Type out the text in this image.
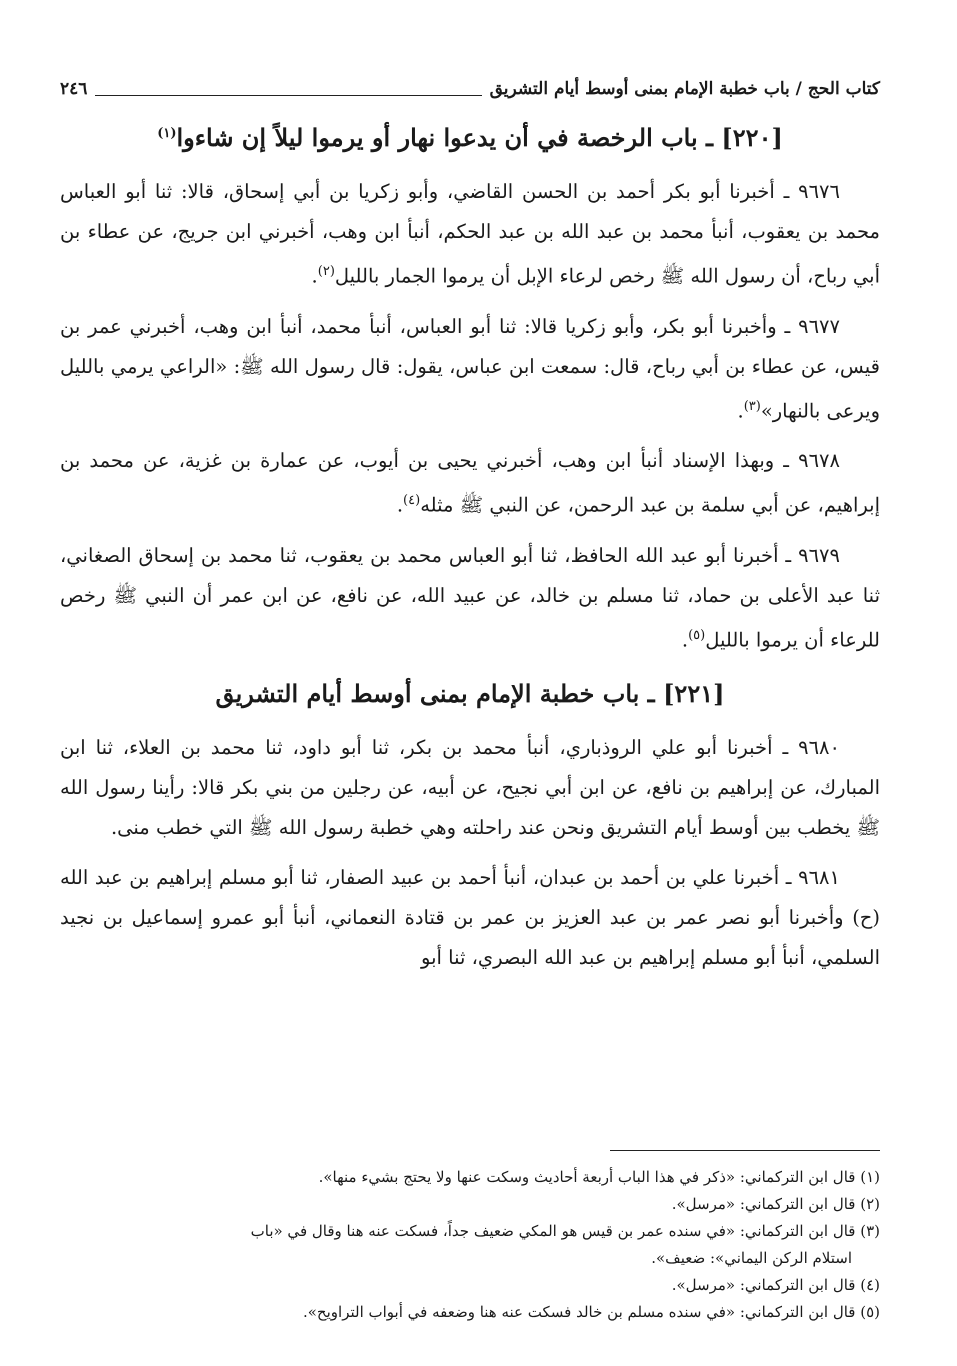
كتاب الحج / باب خطبة الإمام بمنى أوسط أيام التشريق
٢٤٦
[٢٢٠] ـ باب الرخصة في أن يدعوا نهار أو يرموا ليلاً إن شاءوا$^{(١)}$

٩٦٧٦ ـ أخبرنا أبو بكر أحمد بن الحسن القاضي، وأبو زكريا بن أبي إسحاق، قالا: ثنا أبو العباس محمد بن يعقوب، أنبأ محمد بن عبد الله بن عبد الحكم، أنبأ ابن وهب، أخبرني ابن جريج، عن عطاء بن أبي رباح، أن رسول الله ﷺ رخص لرعاء الإبل أن يرموا الجمار بالليل$^{(٢)}$.

٩٦٧٧ ـ وأخبرنا أبو بكر، وأبو زكريا قالا: ثنا أبو العباس، أنبأ محمد، أنبأ ابن وهب، أخبرني عمر بن قيس، عن عطاء بن أبي رباح، قال: سمعت ابن عباس، يقول: قال رسول الله ﷺ: «الراعي يرمي بالليل ويرعى بالنهار»$^{(٣)}$.

٩٦٧٨ ـ وبهذا الإسناد أنبأ ابن وهب، أخبرني يحيى بن أيوب، عن عمارة بن غزية، عن محمد بن إبراهيم، عن أبي سلمة بن عبد الرحمن، عن النبي ﷺ مثله$^{(٤)}$.

٩٦٧٩ ـ أخبرنا أبو عبد الله الحافظ، ثنا أبو العباس محمد بن يعقوب، ثنا محمد بن إسحاق الصغاني، ثنا عبد الأعلى بن حماد، ثنا مسلم بن خالد، عن عبيد الله، عن نافع، عن ابن عمر أن النبي ﷺ رخص للرعاء أن يرموا بالليل$^{(٥)}$.

[٢٢١] ـ باب خطبة الإمام بمنى أوسط أيام التشريق

٩٦٨٠ ـ أخبرنا أبو علي الروذباري، أنبأ محمد بن بكر، ثنا أبو داود، ثنا محمد بن العلاء، ثنا ابن المبارك، عن إبراهيم بن نافع، عن ابن أبي نجيح، عن أبيه، عن رجلين من بني بكر قالا: رأينا رسول الله ﷺ يخطب بين أوسط أيام التشريق ونحن عند راحلته وهي خطبة رسول الله ﷺ التي خطب منى.

٩٦٨١ ـ أخبرنا علي بن أحمد بن عبدان، أنبأ أحمد بن عبيد الصفار، ثنا أبو مسلم إبراهيم بن عبد الله (ح) وأخبرنا أبو نصر عمر بن عبد العزيز بن عمر بن قتادة النعماني، أنبأ أبو عمرو إسماعيل بن نجيد السلمي، أنبأ أبو مسلم إبراهيم بن عبد الله البصري، ثنا أبو

(١) قال ابن التركماني: «ذكر في هذا الباب أربعة أحاديث وسكت عنها ولا يحتج بشيء منها».

(٢) قال ابن التركماني: «مرسل».

(٣) قال ابن التركماني: «في سنده عمر بن قيس هو المكي ضعيف جداً، فسكت عنه هنا وقال في «باب

استلام الركن اليماني»: ضعيف».

(٤) قال ابن التركماني: «مرسل».

(٥) قال ابن التركماني: «في سنده مسلم بن خالد فسكت عنه هنا وضعفه في أبواب التراويح».
